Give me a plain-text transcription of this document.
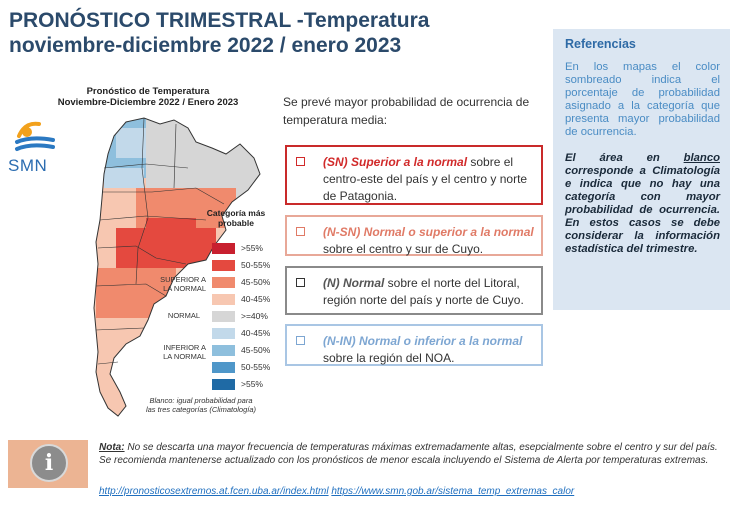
PRONÓSTICO TRIMESTRAL -Temperatura
noviembre-diciembre 2022 / enero 2023	Referencias
En los mapas el color sombreado indica el porcentaje de probabilidad asignado a la categoría que presenta mayor probabilidad de ocurrencia.
El área en blanco corresponde a Climatología e indica que no hay una categoría con mayor probabilidad de ocurrencia. En estos casos se debe considerar la información estadística del trimestre.
Pronóstico de Temperatura
Noviembre-Diciembre 2022 / Enero 2023
SMN
Categoría más
probable
>55%
50-55%
45-50%
40-45%
>=40%
40-45%
45-50%
50-55%
>55%
SUPERIOR A
LA NORMAL
NORMAL
INFERIOR A
LA NORMAL
Blanco: igual probabilidad para
las tres categorías (Climatología)
Se prevé mayor probabilidad de ocurrencia de temperatura media:
(SN) Superior a la normal sobre el centro-este del país y el centro y norte de Patagonia.
(N-SN) Normal o superior a la normal sobre el centro y sur de Cuyo.
(N) Normal sobre el norte del Litoral, región norte del país y norte de Cuyo.
(N-IN) Normal o inferior a la normal sobre la región del NOA.
i
Nota: No se descarta una mayor frecuencia de temperaturas máximas extremadamente altas, esepcialmente sobre el centro y sur del país. Se recomienda mantenerse actualizado con los pronósticos de menor escala incluyendo el Sistema de Alerta por temperaturas extremas.
http://pronosticosextremos.at.fcen.uba.ar/index.html https://www.smn.gob.ar/sistema_temp_extremas_calor
